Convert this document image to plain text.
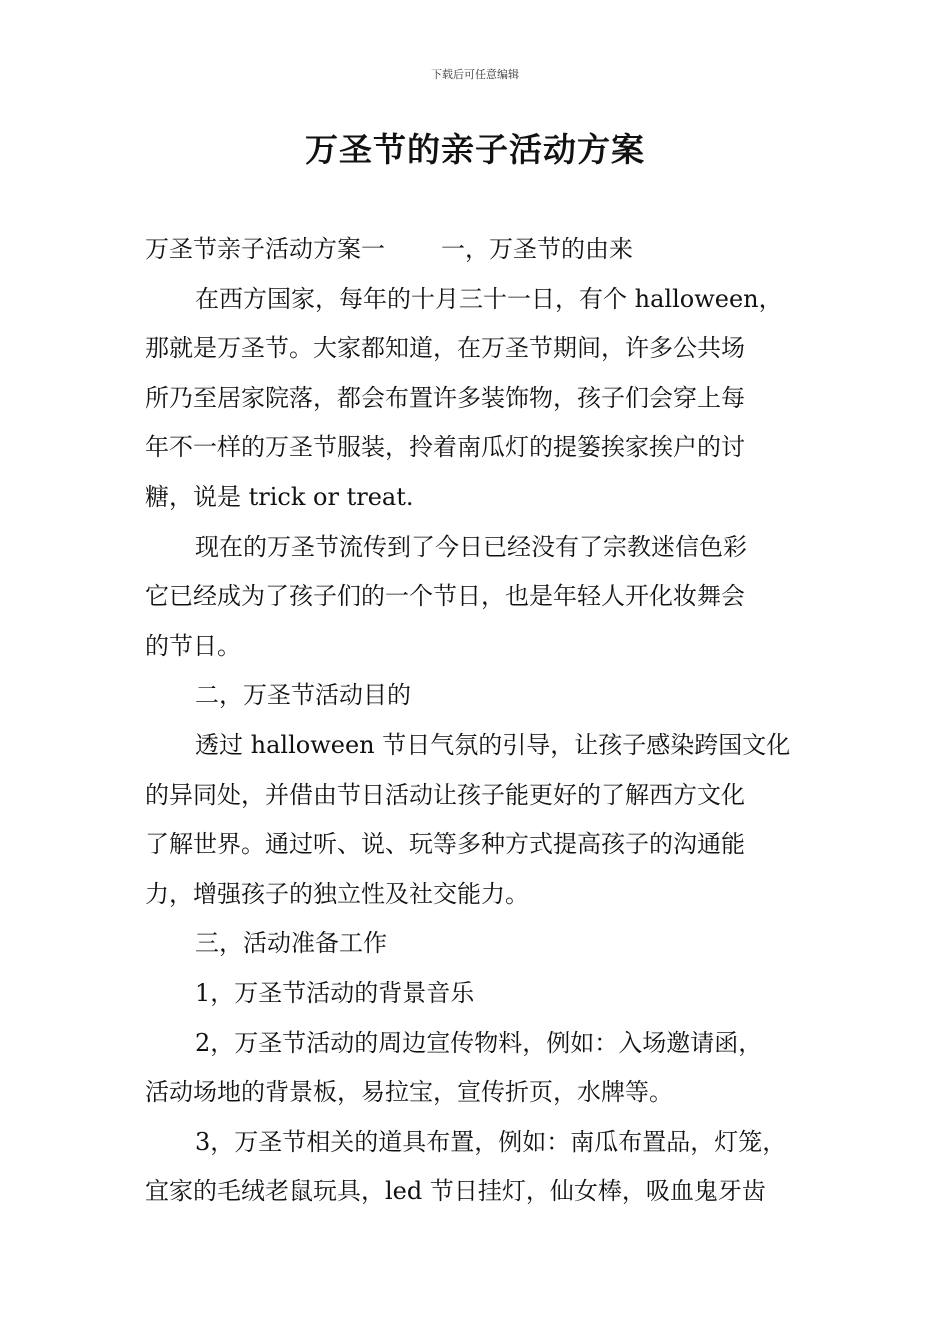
下载后可任意编辑
万圣节的亲子活动方案
万圣节亲子活动方案一 一，万圣节的由来
在西方国家，每年的十月三十一日，有个 halloween，
那就是万圣节。大家都知道，在万圣节期间，许多公共场
所乃至居家院落，都会布置许多装饰物，孩子们会穿上每
年不一样的万圣节服装，拎着南瓜灯的提篓挨家挨户的讨
糖，说是 trick or treat.
现在的万圣节流传到了今日已经没有了宗教迷信色彩
它已经成为了孩子们的一个节日，也是年轻人开化妆舞会
的节日。
二，万圣节活动目的
透过 halloween 节日气氛的引导，让孩子感染跨国文化
的异同处，并借由节日活动让孩子能更好的了解西方文化
了解世界。通过听、说、玩等多种方式提高孩子的沟通能
力，增强孩子的独立性及社交能力。
三，活动准备工作
1，万圣节活动的背景音乐
2，万圣节活动的周边宣传物料，例如：入场邀请函，
活动场地的背景板，易拉宝，宣传折页，水牌等。
3，万圣节相关的道具布置，例如：南瓜布置品，灯笼，
宜家的毛绒老鼠玩具，led 节日挂灯，仙女棒，吸血鬼牙齿
